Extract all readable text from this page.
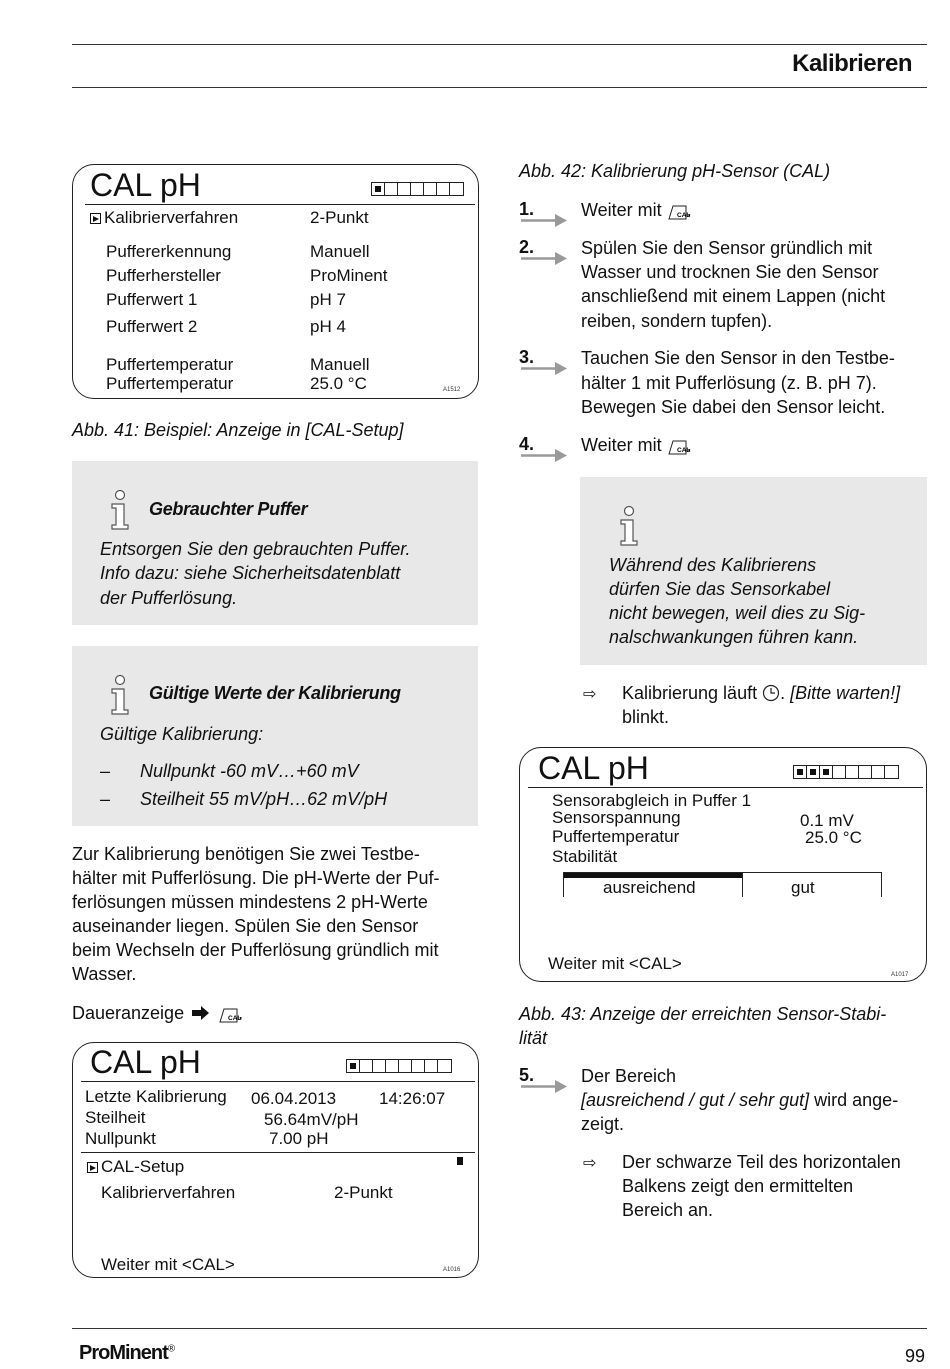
Kalibrieren
CAL pH
Kalibrierverfahren	2-Punkt
Puffererkennung	Manuell
Pufferhersteller	ProMinent
Pufferwert 1	pH 7
Pufferwert 2	pH 4
Puffertemperatur	Manuell
Puffertemperatur	25.0 °C	A1512
Abb. 41: Beispiel: Anzeige in [CAL-Setup]
Gebrauchter Puffer
Entsorgen Sie den gebrauchten Puffer.
Info dazu: siehe Sicherheitsdatenblatt
der Pufferlösung.
Gültige Werte der Kalibrierung
Gültige Kalibrierung:
– Nullpunkt -60 mV…+60 mV
– Steilheit 55 mV/pH…62 mV/pH
Zur Kalibrierung benötigen Sie zwei Testbe-
hälter mit Pufferlösung. Die pH-Werte der Puf-
ferlösungen müssen mindestens 2 pH-Werte
auseinander liegen. Spülen Sie den Sensor
beim Wechseln der Pufferlösung gründlich mit
Wasser.
Daueranzeige	CAL
.
CAL pH
Letzte Kalibrierung 06.04.2013	14:26:07
Steilheit	56.64mV/pH
Nullpunkt	7.00 pH
CAL-Setup
Kalibrierverfahren	2-Punkt
Weiter mit <CAL>	A1016
Abb. 42: Kalibrierung pH-Sensor (CAL)
1.	Weiter mit CAL
.
2.	Spülen Sie den Sensor gründlich mit
Wasser und trocknen Sie den Sensor
anschließend mit einem Lappen (nicht
reiben, sondern tupfen).
3.	Tauchen Sie den Sensor in den Testbe-
hälter 1 mit Pufferlösung (z. B. pH 7).
Bewegen Sie dabei den Sensor leicht.
4.	Weiter mit CAL
.
Während des Kalibrierens
dürfen Sie das Sensorkabel
nicht bewegen, weil dies zu Sig-
nalschwankungen führen kann.
⇨ Kalibrierung läuft . [Bitte warten!]
blinkt.
CAL pH
Sensorabgleich in Puffer 1
Sensorspannung	0.1 mV
Puffertemperatur	25.0 °C
Stabilität
ausreichend	gut
Weiter mit <CAL>
A1017
Abb. 43: Anzeige der erreichten Sensor-Stabi-
lität
5.	Der Bereich
[ausreichend / gut / sehr gut] wird ange-
zeigt.
⇨ Der schwarze Teil des horizontalen
Balkens zeigt den ermittelten
Bereich an.
ProMinent®	99
